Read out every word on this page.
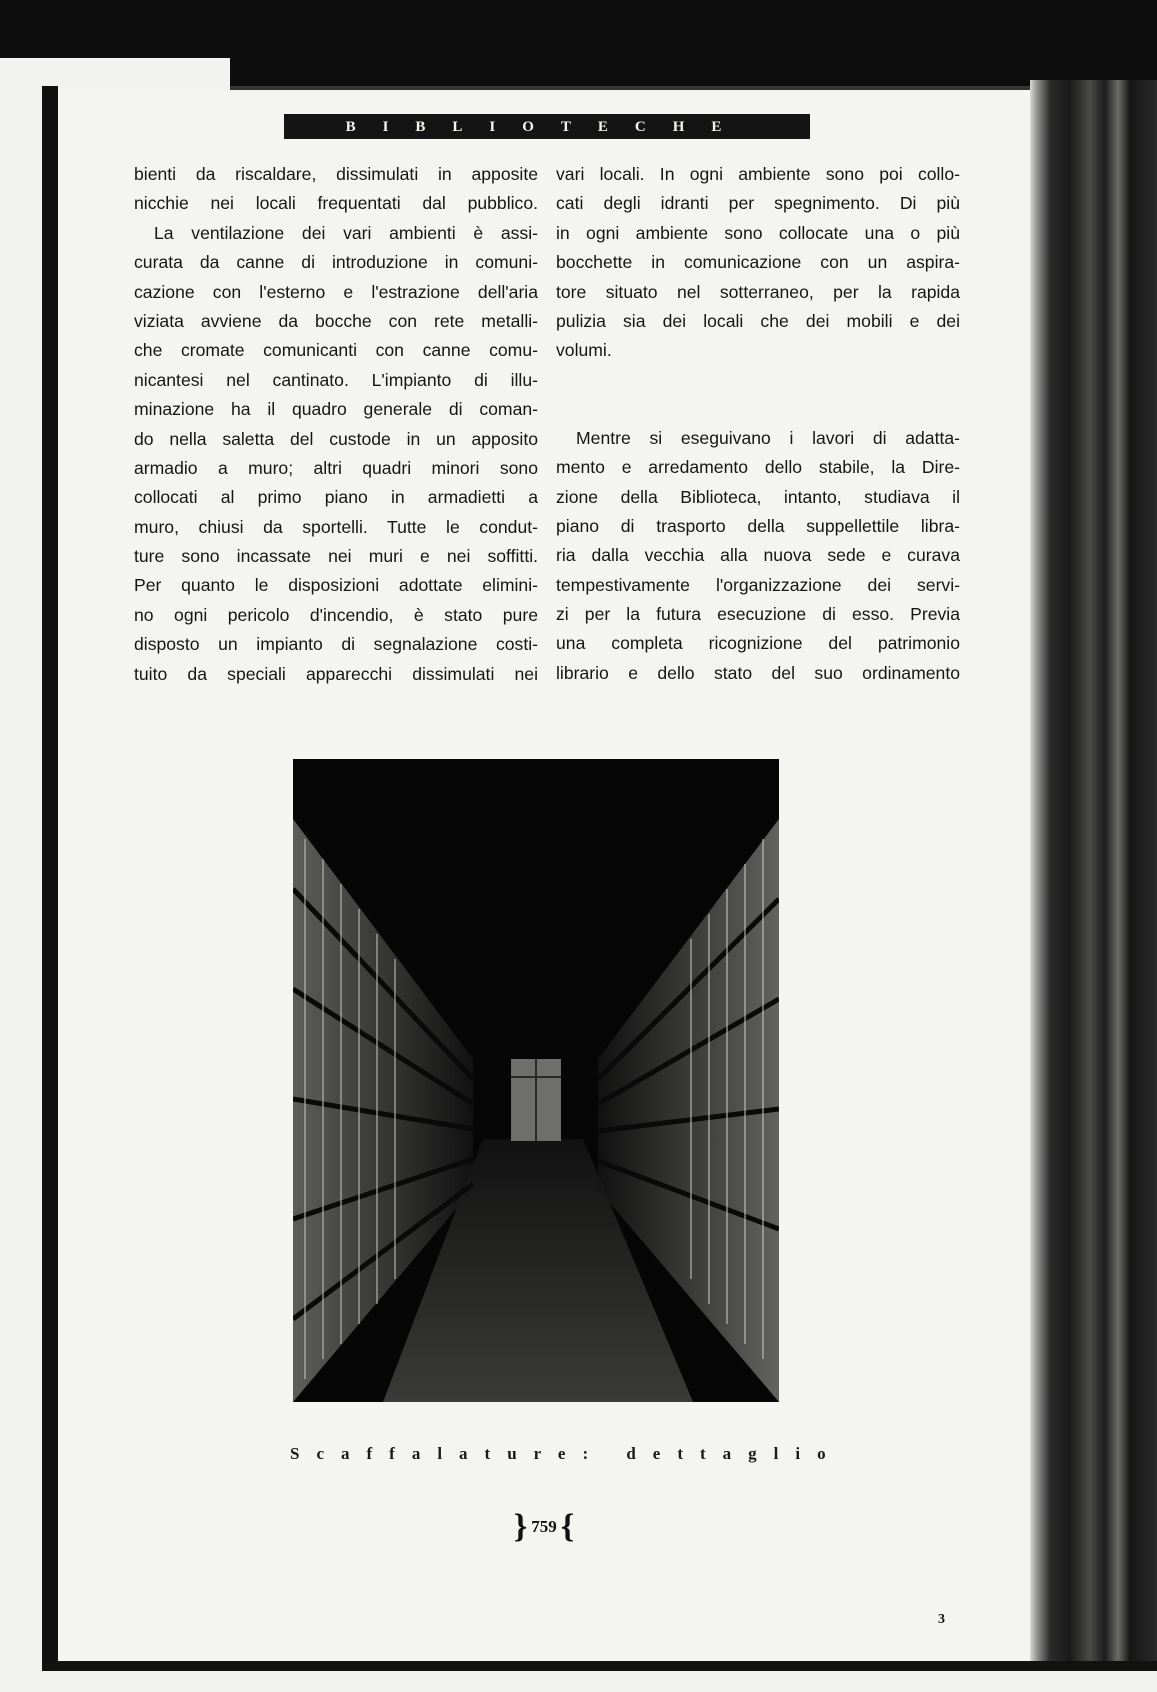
BIBLIOTECHE
bienti da riscaldare, dissimulati in apposite
nicchie nei locali frequentati dal pubblico.
La ventilazione dei vari ambienti è assi-
curata da canne di introduzione in comuni-
cazione con l'esterno e l'estrazione dell'aria
viziata avviene da bocche con rete metalli-
che cromate comunicanti con canne comu-
nicantesi nel cantinato. L'impianto di illu-
minazione ha il quadro generale di coman-
do nella saletta del custode in un apposito
armadio a muro; altri quadri minori sono
collocati al primo piano in armadietti a
muro, chiusi da sportelli. Tutte le condut-
ture sono incassate nei muri e nei soffitti.
Per quanto le disposizioni adottate elimini-
no ogni pericolo d'incendio, è stato pure
disposto un impianto di segnalazione costi-
tuito da speciali apparecchi dissimulati nei
vari locali. In ogni ambiente sono poi collo-
cati degli idranti per spegnimento. Di più
in ogni ambiente sono collocate una o più
bocchette in comunicazione con un aspira-
tore situato nel sotterraneo, per la rapida
pulizia sia dei locali che dei mobili e dei
volumi.
Mentre si eseguivano i lavori di adatta-
mento e arredamento dello stabile, la Dire-
zione della Biblioteca, intanto, studiava il
piano di trasporto della suppellettile libra-
ria dalla vecchia alla nuova sede e curava
tempestivamente l'organizzazione dei servi-
zi per la futura esecuzione di esso. Previa
una completa ricognizione del patrimonio
librario e dello stato del suo ordinamento
Scaffalature: dettaglio
} 759 {
3
